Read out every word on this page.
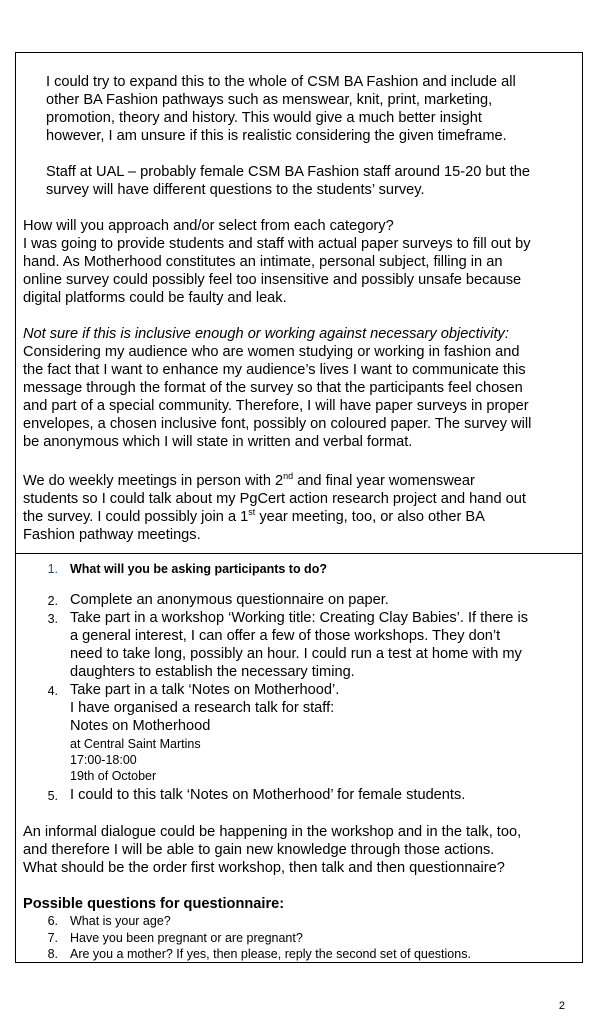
I could try to expand this to the whole of CSM BA Fashion and include all

other BA Fashion pathways such as menswear, knit, print, marketing,

promotion, theory and history. This would give a much better insight

however, I am unsure if this is realistic considering the given timeframe.

Staff at UAL – probably female CSM BA Fashion staff around 15-20 but the

survey will have different questions to the students’ survey.

How will you approach and/or select from each category?

I was going to provide students and staff with actual paper surveys to fill out by

hand. As Motherhood constitutes an intimate, personal subject, filling in an

online survey could possibly feel too insensitive and possibly unsafe because

digital platforms could be faulty and leak.

Not sure if this is inclusive enough or working against necessary objectivity:

Considering my audience who are women studying or working in fashion and

the fact that I want to enhance my audience’s lives I want to communicate this

message through the format of the survey so that the participants feel chosen

and part of a special community. Therefore, I will have paper surveys in proper

envelopes, a chosen inclusive font, possibly on coloured paper. The survey will

be anonymous which I will state in written and verbal format.

We do weekly meetings in person with 2nd and final year womenswear

students so I could talk about my PgCert action research project and hand out

the survey. I could possibly join a 1st year meeting, too, or also other BA

Fashion pathway meetings.

1. What will you be asking participants to do?

2. Complete an anonymous questionnaire on paper.

3. Take part in a workshop ‘Working title: Creating Clay Babies’. If there is

a general interest, I can offer a few of those workshops. They don’t

need to take long, possibly an hour. I could run a test at home with my

daughters to establish the necessary timing.

4. Take part in a talk ‘Notes on Motherhood’.

I have organised a research talk for staff:

Notes on Motherhood

at Central Saint Martins

17:00-18:00

19th of October

5. I could to this talk ‘Notes on Motherhood’ for female students.

An informal dialogue could be happening in the workshop and in the talk, too,

and therefore I will be able to gain new knowledge through those actions.

What should be the order first workshop, then talk and then questionnaire?

Possible questions for questionnaire:

6. What is your age?

7. Have you been pregnant or are pregnant?

8. Are you a mother? If yes, then please, reply the second set of questions.

2
